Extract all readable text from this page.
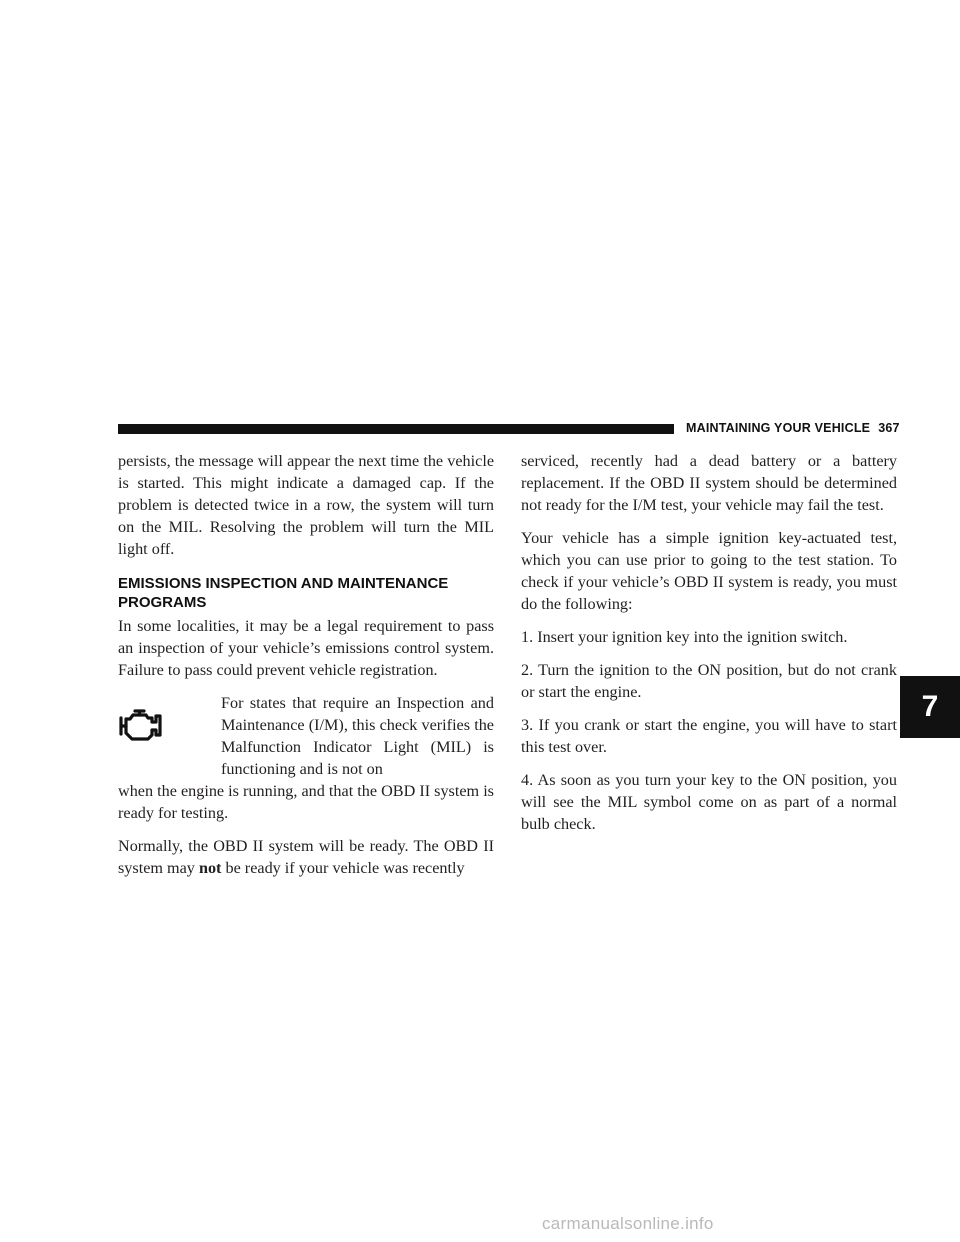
MAINTAINING YOUR VEHICLE 367

persists, the message will appear the next time the vehicle is started. This might indicate a damaged cap. If the problem is detected twice in a row, the system will turn on the MIL. Resolving the problem will turn the MIL light off.

EMISSIONS INSPECTION AND MAINTENANCE PROGRAMS

In some localities, it may be a legal requirement to pass an inspection of your vehicle’s emissions control system. Failure to pass could prevent vehicle registration.

For states that require an Inspection and Maintenance (I/M), this check verifies the Malfunction Indicator Light (MIL) is functioning and is not on

when the engine is running, and that the OBD II system is ready for testing.

Normally, the OBD II system will be ready. The OBD II system may not be ready if your vehicle was recently

serviced, recently had a dead battery or a battery replacement. If the OBD II system should be determined not ready for the I/M test, your vehicle may fail the test.

Your vehicle has a simple ignition key-actuated test, which you can use prior to going to the test station. To check if your vehicle’s OBD II system is ready, you must do the following:

1. Insert your ignition key into the ignition switch.

2. Turn the ignition to the ON position, but do not crank or start the engine.

3. If you crank or start the engine, you will have to start this test over.

4. As soon as you turn your key to the ON position, you will see the MIL symbol come on as part of a normal bulb check.

7
carmanualsonline.info
